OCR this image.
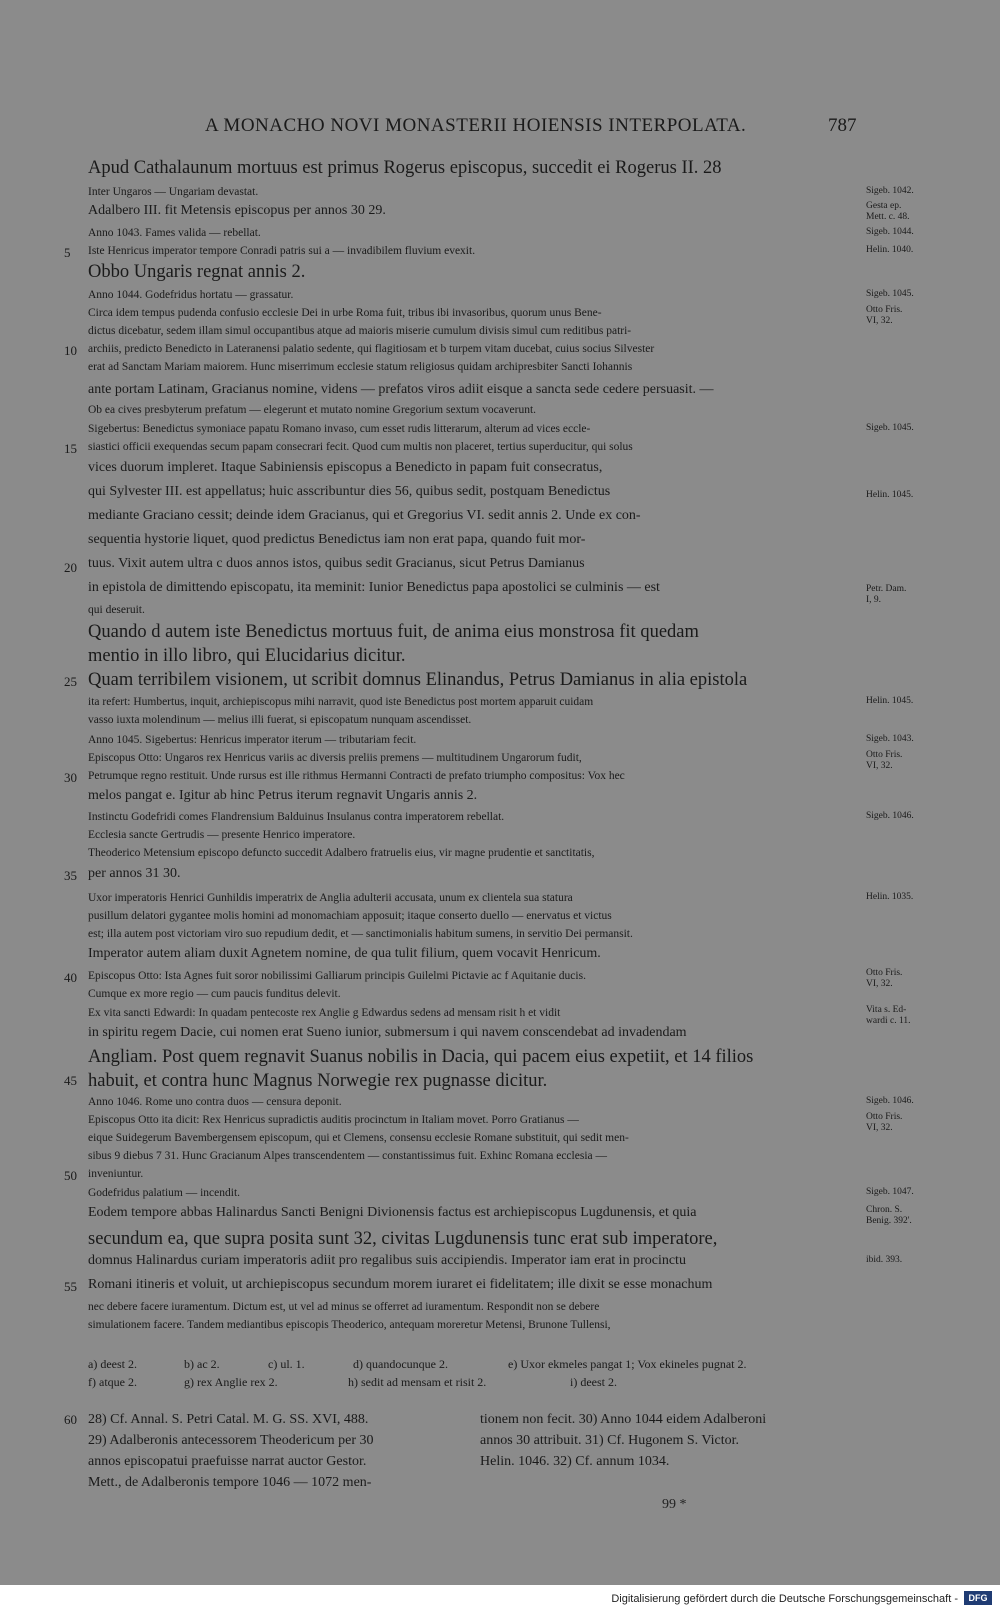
A MONACHO NOVI MONASTERII HOIENSIS INTERPOLATA.	787
Apud Cathalaunum mortuus est primus Rogerus episcopus, succedit ei Rogerus II. 28
Inter Ungaros — Ungariam devastat.
Adalbero III. fit Metensis episcopus per annos 30 29.
Anno 1043. Fames valida — rebellat.
Iste Henricus imperator tempore Conradi patris sui a — invadibilem fluvium evexit.
Obbo Ungaris regnat annis 2.
Anno 1044. Godefridus hortatu — grassatur.
Circa idem tempus pudenda confusio ecclesie Dei in urbe Roma fuit, tribus ibi invasoribus, quorum unus Bene-
dictus dicebatur, sedem illam simul occupantibus atque ad maioris miserie cumulum divisis simul cum reditibus patri-
archiis, predicto Benedicto in Lateranensi palatio sedente, qui flagitiosam et b turpem vitam ducebat, cuius socius Silvester
erat ad Sanctam Mariam maiorem. Hunc miserrimum ecclesie statum religiosus quidam archipresbiter Sancti Iohannis
ante portam Latinam, Gracianus nomine, videns — prefatos viros adiit eisque a sancta sede cedere persuasit. —
Ob ea cives presbyterum prefatum — elegerunt et mutato nomine Gregorium sextum vocaverunt.
Sigebertus: Benedictus symoniace papatu Romano invaso, cum esset rudis litterarum, alterum ad vices eccle-
siastici officii exequendas secum papam consecrari fecit. Quod cum multis non placeret, tertius superducitur, qui solus
vices duorum impleret. Itaque Sabiniensis episcopus a Benedicto in papam fuit consecratus,
qui Sylvester III. est appellatus; huic asscribuntur dies 56, quibus sedit, postquam Benedictus
mediante Graciano cessit; deinde idem Gracianus, qui et Gregorius VI. sedit annis 2. Unde ex con-
sequentia hystorie liquet, quod predictus Benedictus iam non erat papa, quando fuit mor-
tuus. Vixit autem ultra c duos annos istos, quibus sedit Gracianus, sicut Petrus Damianus
in epistola de dimittendo episcopatu, ita meminit: Iunior Benedictus papa apostolici se culminis — est
qui deseruit.
Quando d autem iste Benedictus mortuus fuit, de anima eius monstrosa fit quedam
mentio in illo libro, qui Elucidarius dicitur.
Quam terribilem visionem, ut scribit domnus Elinandus, Petrus Damianus in alia epistola
ita refert: Humbertus, inquit, archiepiscopus mihi narravit, quod iste Benedictus post mortem apparuit cuidam
vasso iuxta molendinum — melius illi fuerat, si episcopatum nunquam ascendisset.
Anno 1045. Sigebertus: Henricus imperator iterum — tributariam fecit.
Episcopus Otto: Ungaros rex Henricus variis ac diversis preliis premens — multitudinem Ungarorum fudit,
Petrumque regno restituit. Unde rursus est ille rithmus Hermanni Contracti de prefato triumpho compositus: Vox hec
melos pangat e. Igitur ab hinc Petrus iterum regnavit Ungaris annis 2.
Instinctu Godefridi comes Flandrensium Balduinus Insulanus contra imperatorem rebellat.
Ecclesia sancte Gertrudis — presente Henrico imperatore.
Theoderico Metensium episcopo defuncto succedit Adalbero fratruelis eius, vir magne prudentie et sanctitatis,
per annos 31 30.
Uxor imperatoris Henrici Gunhildis imperatrix de Anglia adulterii accusata, unum ex clientela sua statura
pusillum delatori gygantee molis homini ad monomachiam apposuit; itaque conserto duello — enervatus et victus
est; illa autem post victoriam viro suo repudium dedit, et — sanctimonialis habitum sumens, in servitio Dei permansit.
Imperator autem aliam duxit Agnetem nomine, de qua tulit filium, quem vocavit Henricum.
Episcopus Otto: Ista Agnes fuit soror nobilissimi Galliarum principis Guilelmi Pictavie ac f Aquitanie ducis.
Cumque ex more regio — cum paucis funditus delevit.
Ex vita sancti Edwardi: In quadam pentecoste rex Anglie g Edwardus sedens ad mensam risit h et vidit
in spiritu regem Dacie, cui nomen erat Sueno iunior, submersum i qui navem conscendebat ad invadendam
Angliam. Post quem regnavit Suanus nobilis in Dacia, qui pacem eius expetiit, et 14 filios
habuit, et contra hunc Magnus Norwegie rex pugnasse dicitur.
Anno 1046. Rome uno contra duos — censura deponit.
Episcopus Otto ita dicit: Rex Henricus supradictis auditis procinctum in Italiam movet. Porro Gratianus —
eique Suidegerum Bavembergensem episcopum, qui et Clemens, consensu ecclesie Romane substituit, qui sedit men-
sibus 9 diebus 7 31. Hunc Gracianum Alpes transcendentem — constantissimus fuit. Exhinc Romana ecclesia —
inveniuntur.
Godefridus palatium — incendit.
Eodem tempore abbas Halinardus Sancti Benigni Divionensis factus est archiepiscopus Lugdunensis, et quia
secundum ea, que supra posita sunt 32, civitas Lugdunensis tunc erat sub imperatore,
domnus Halinardus curiam imperatoris adiit pro regalibus suis accipiendis. Imperator iam erat in procinctu
Romani itineris et voluit, ut archiepiscopus secundum morem iuraret ei fidelitatem; ille dixit se esse monachum
nec debere facere iuramentum. Dictum est, ut vel ad minus se offerret ad iuramentum. Respondit non se debere
simulationem facere. Tandem mediantibus episcopis Theoderico, antequam moreretur Metensi, Brunone Tullensi,
5
10
15
20
25
30
35
40
45
50
55
60
Sigeb. 1042.
Gesta ep.
Mett. c. 48.
Sigeb. 1044.
Helin. 1040.
Sigeb. 1045.
Otto Fris.
VI, 32.
Sigeb. 1045.
Helin. 1045.
Petr. Dam.
I, 9.
Helin. 1045.
Sigeb. 1043.
Otto Fris.
VI, 32.
Sigeb. 1046.
Helin. 1035.
Otto Fris.
VI, 32.
Vita s. Ed-
wardi c. 11.
Sigeb. 1046.
Otto Fris.
VI, 32.
Sigeb. 1047.
Chron. S.
Benig. 392'.
ibid. 393.
a) deest 2.	b) ac 2.	c) ul. 1.	d) quandocunque 2.	e) Uxor ekmeles pangat 1; Vox ekineles pugnat 2.
f) atque 2.	g) rex Anglie rex 2.	h) sedit ad mensam et risit 2.	i) deest 2.
28) Cf. Annal. S. Petri Catal. M. G. SS. XVI, 488.
29) Adalberonis antecessorem Theodericum per 30
annos episcopatui praefuisse narrat auctor Gestor.
Mett., de Adalberonis tempore 1046 — 1072 men-
tionem non fecit. 30) Anno 1044 eidem Adalberoni
annos 30 attribuit. 31) Cf. Hugonem S. Victor.
Helin. 1046. 32) Cf. annum 1034.
99 *
Digitalisierung gefördert durch die Deutsche Forschungsgemeinschaft -	DFG
